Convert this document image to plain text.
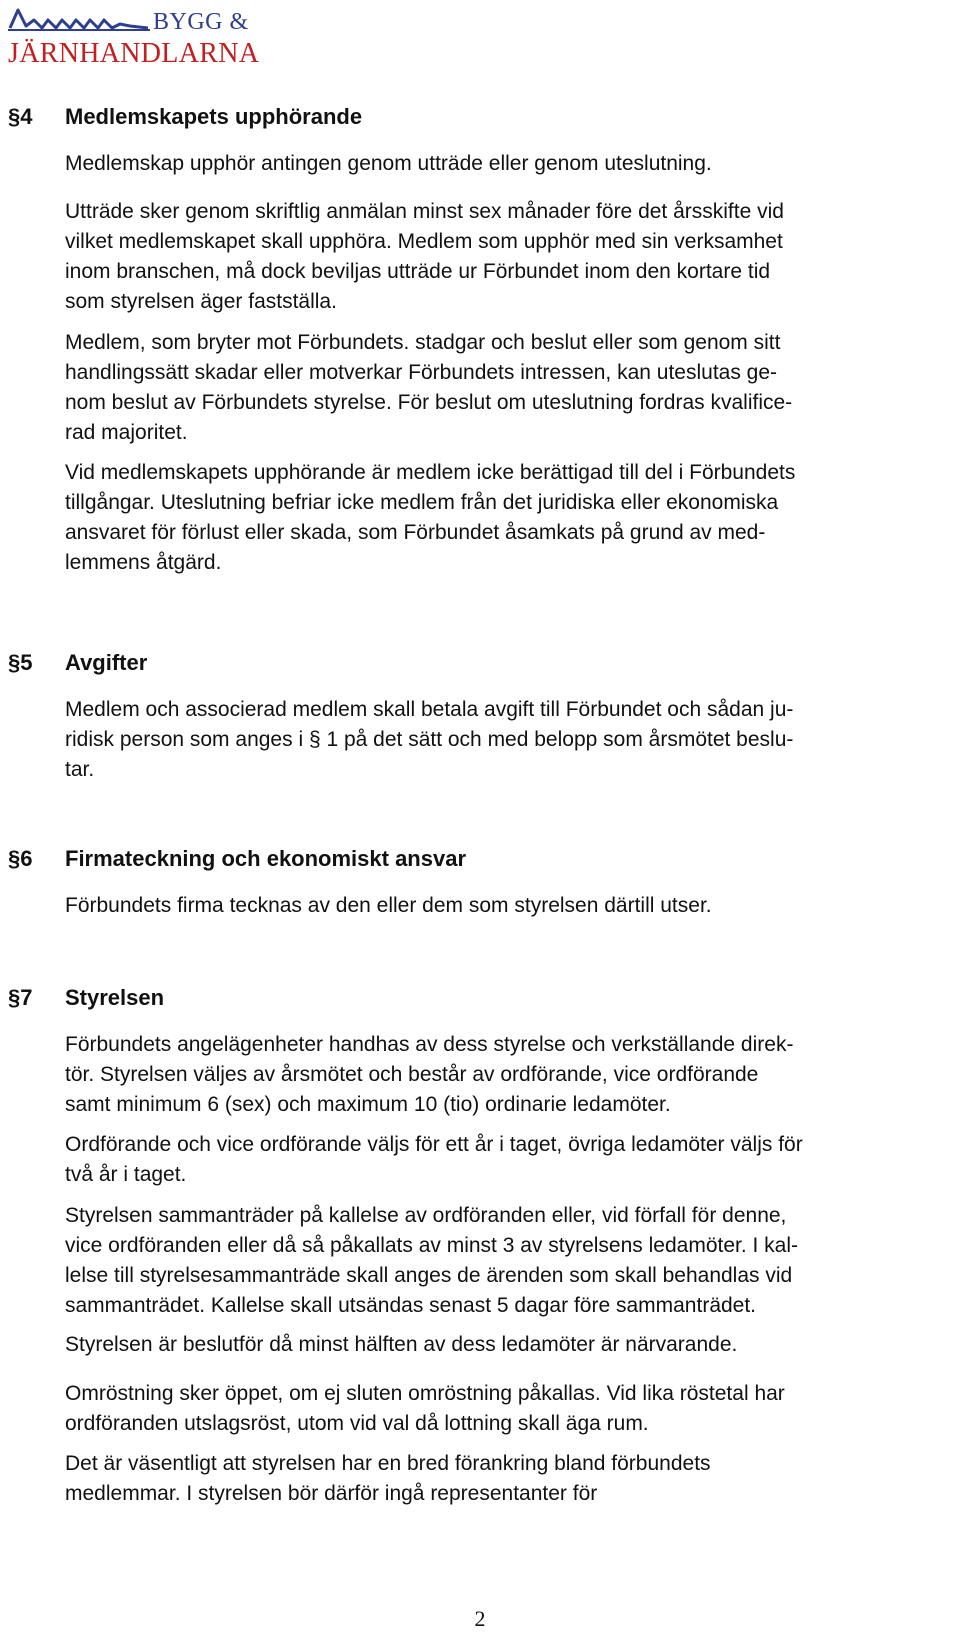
BYGG &
JÄRNHANDLARNA
§4 Medlemskapets upphörande
Medlemskap upphör antingen genom utträde eller genom uteslutning.
Utträde sker genom skriftlig anmälan minst sex månader före det årsskifte vid
vilket medlemskapet skall upphöra. Medlem som upphör med sin verksamhet
inom branschen, må dock beviljas utträde ur Förbundet inom den kortare tid
som styrelsen äger fastställa.
Medlem, som bryter mot Förbundets. stadgar och beslut eller som genom sitt
handlingssätt skadar eller motverkar Förbundets intressen, kan uteslutas ge-
nom beslut av Förbundets styrelse. För beslut om uteslutning fordras kvalifice-
rad majoritet.
Vid medlemskapets upphörande är medlem icke berättigad till del i Förbundets
tillgångar. Uteslutning befriar icke medlem från det juridiska eller ekonomiska
ansvaret för förlust eller skada, som Förbundet åsamkats på grund av med-
lemmens åtgärd.
§5 Avgifter
Medlem och associerad medlem skall betala avgift till Förbundet och sådan ju-
ridisk person som anges i § 1 på det sätt och med belopp som årsmötet beslu-
tar.
§6 Firmateckning och ekonomiskt ansvar
Förbundets firma tecknas av den eller dem som styrelsen därtill utser.
§7 Styrelsen
Förbundets angelägenheter handhas av dess styrelse och verkställande direk-
tör. Styrelsen väljes av årsmötet och består av ordförande, vice ordförande
samt minimum 6 (sex) och maximum 10 (tio) ordinarie ledamöter.
Ordförande och vice ordförande väljs för ett år i taget, övriga ledamöter väljs för
två år i taget.
Styrelsen sammanträder på kallelse av ordföranden eller, vid förfall för denne,
vice ordföranden eller då så påkallats av minst 3 av styrelsens ledamöter. I kal-
lelse till styrelsesammanträde skall anges de ärenden som skall behandlas vid
sammanträdet. Kallelse skall utsändas senast 5 dagar före sammanträdet.
Styrelsen är beslutför då minst hälften av dess ledamöter är närvarande.
Omröstning sker öppet, om ej sluten omröstning påkallas. Vid lika röstetal har
ordföranden utslagsröst, utom vid val då lottning skall äga rum.
Det är väsentligt att styrelsen har en bred förankring bland förbundets
medlemmar. I styrelsen bör därför ingå representanter för
2
